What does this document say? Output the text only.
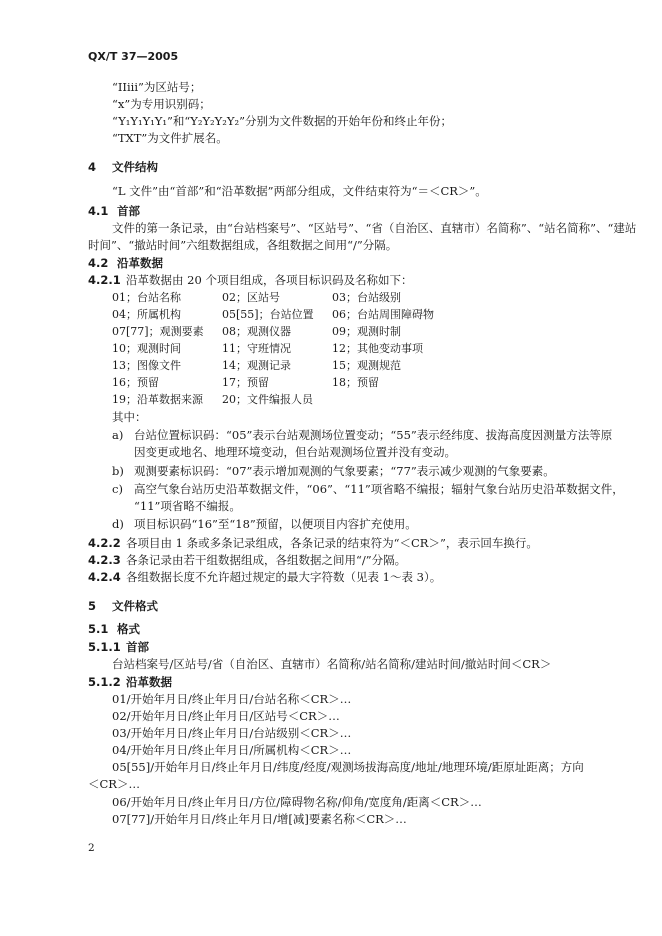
QX/T 37—2005
“IIiii”为区站号；
“x”为专用识别码；
“Y₁Y₁Y₁Y₁”和“Y₂Y₂Y₂Y₂”分别为文件数据的开始年份和终止年份；
“TXT”为文件扩展名。
4 文件结构
“L 文件”由“首部”和“沿革数据”两部分组成，文件结束符为“＝＜CR＞”。
4.1 首部
文件的第一条记录，由“台站档案号”、“区站号”、“省（自治区、直辖市）名简称”、“站名简称”、“建站
时间”、“撤站时间”六组数据组成，各组数据之间用“/”分隔。
4.2 沿革数据
4.2.1 沿革数据由 20 个项目组成，各项目标识码及名称如下：
01；台站名称	02；区站号	03；台站级别
04；所属机构	05[55]；台站位置 06；台站周围障碍物
07[77]；观测要素 08；观测仪器	09；观测时制
10；观测时间	11；守班情况	12；其他变动事项
13；图像文件	14；观测记录	15；观测规范
16；预留	17；预留	18；预留
19；沿革数据来源 20；文件编报人员
其中：
a) 台站位置标识码：“05”表示台站观测场位置变动；“55”表示经纬度、拔海高度因测量方法等原
因变更或地名、地理环境变动，但台站观测场位置并没有变动。
b) 观测要素标识码：“07”表示增加观测的气象要素；“77”表示减少观测的气象要素。
c) 高空气象台站历史沿革数据文件，“06”、“11”项省略不编报；辐射气象台站历史沿革数据文件，
“11”项省略不编报。
d) 项目标识码“16”至“18”预留，以便项目内容扩充使用。
4.2.2 各项目由 1 条或多条记录组成，各条记录的结束符为“＜CR＞”，表示回车换行。
4.2.3 各条记录由若干组数据组成，各组数据之间用“/”分隔。
4.2.4 各组数据长度不允许超过规定的最大字符数（见表 1～表 3）。
5 文件格式
5.1 格式
5.1.1 首部
台站档案号/区站号/省（自治区、直辖市）名简称/站名简称/建站时间/撤站时间＜CR＞
5.1.2 沿革数据
01/开始年月日/终止年月日/台站名称＜CR＞…
02/开始年月日/终止年月日/区站号＜CR＞…
03/开始年月日/终止年月日/台站级别＜CR＞…
04/开始年月日/终止年月日/所属机构＜CR＞…
05[55]/开始年月日/终止年月日/纬度/经度/观测场拔海高度/地址/地理环境/距原址距离；方向
＜CR＞…
06/开始年月日/终止年月日/方位/障碍物名称/仰角/宽度角/距离＜CR＞…
07[77]/开始年月日/终止年月日/增[减]要素名称＜CR＞…
2
